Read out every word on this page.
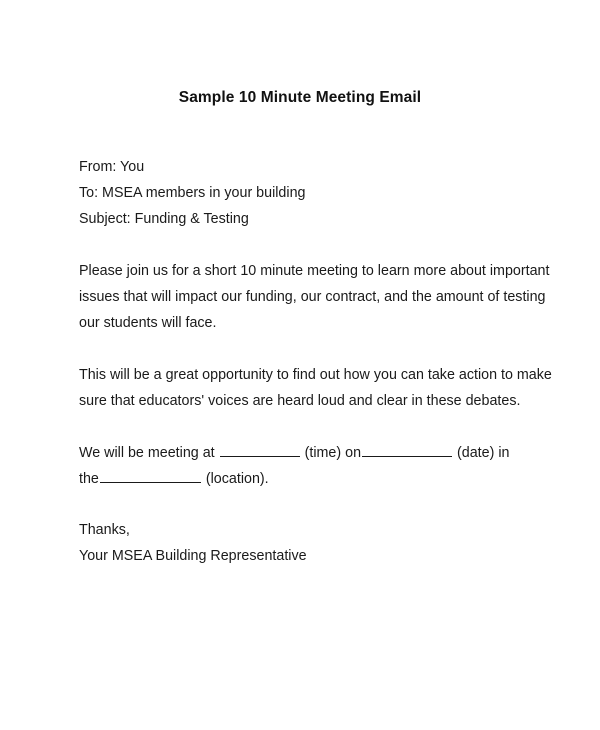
Sample 10 Minute Meeting Email
From: You
To: MSEA members in your building
Subject: Funding & Testing
Please join us for a short 10 minute meeting to learn more about important
issues that will impact our funding, our contract, and the amount of testing
our students will face.
This will be a great opportunity to find out how you can take action to make
sure that educators' voices are heard loud and clear in these debates.
We will be meeting at	(time) on	(date) in
the	(location).
Thanks,
Your MSEA Building Representative
